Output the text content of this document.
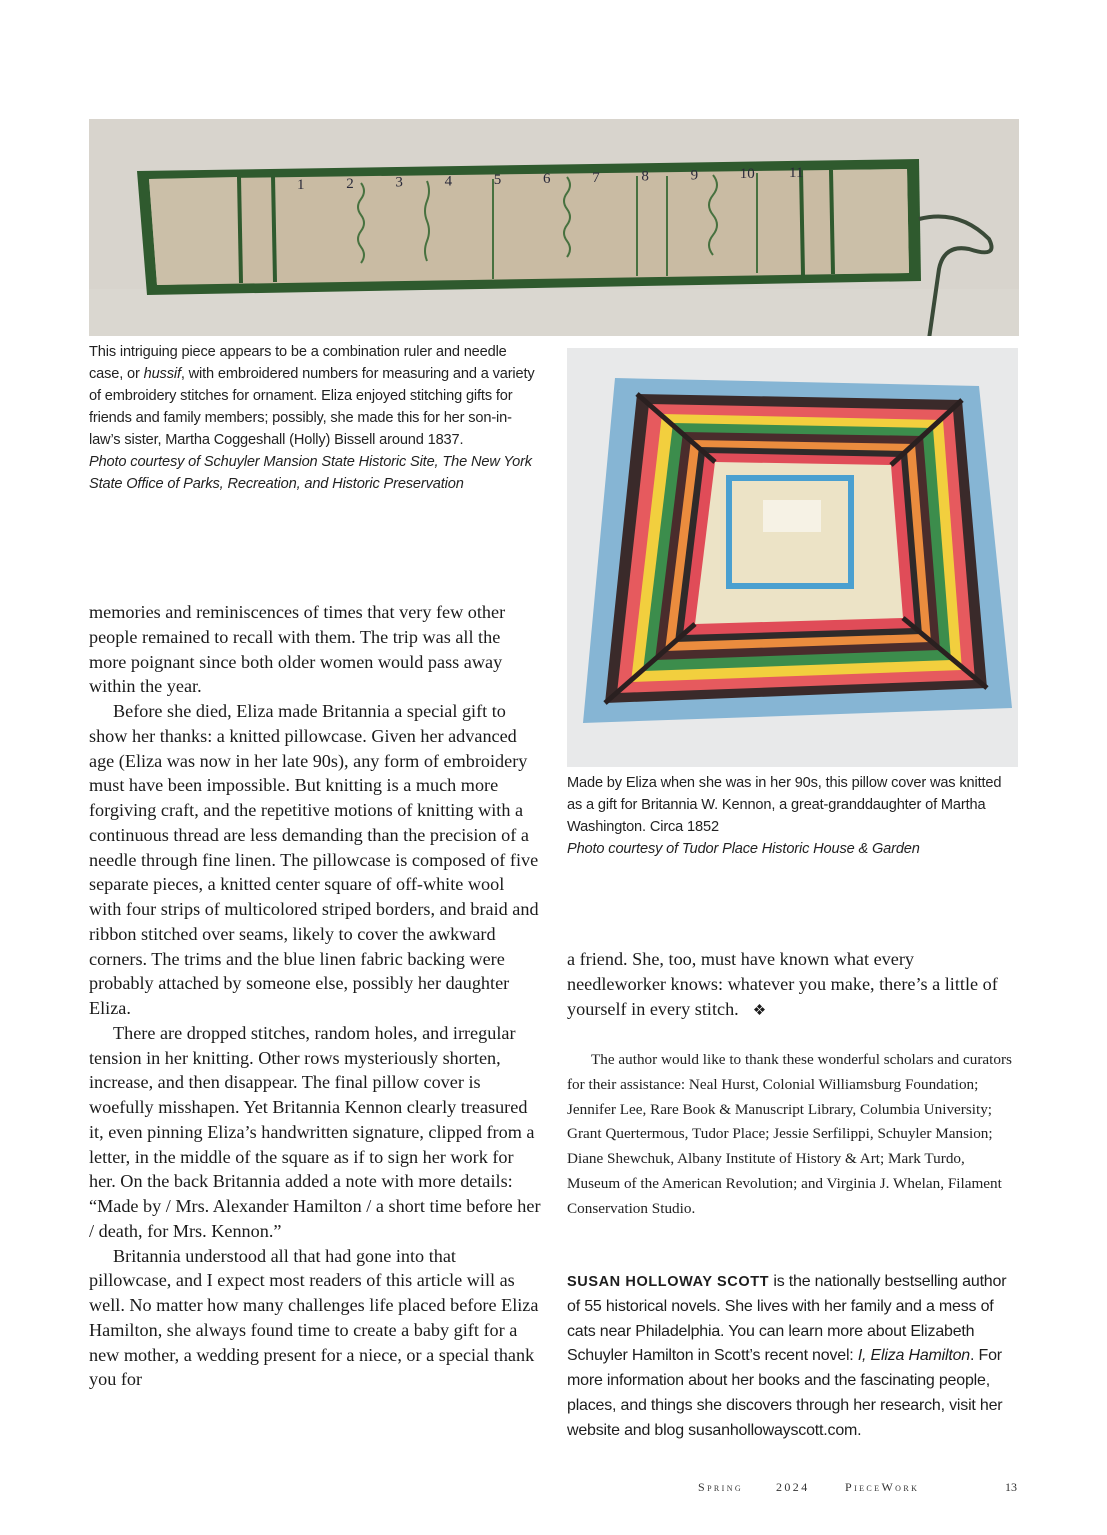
1	2	3	4	5	6	7	8	9	10 11

This intriguing piece appears to be a combination ruler and needle case, or hussif, with embroidered numbers for measuring and a variety of embroidery stitches for ornament. Eliza enjoyed stitching gifts for friends and family members; possibly, she made this for her son-in-law’s sister, Martha Coggeshall (Holly) Bissell around 1837.

Photo courtesy of Schuyler Mansion State Historic Site, The New York State Office of Parks, Recreation, and Historic Preservation

Made by Eliza when she was in her 90s, this pillow cover was knitted as a gift for Britannia W. Kennon, a great-granddaughter of Martha Washington. Circa 1852

Photo courtesy of Tudor Place Historic House & Garden

memories and reminiscences of times that very few other people remained to recall with them. The trip was all the more poignant since both older women would pass away within the year.

Before she died, Eliza made Britannia a special gift to show her thanks: a knitted pillowcase. Given her advanced age (Eliza was now in her late 90s), any form of embroidery must have been impossible. But knitting is a much more forgiving craft, and the repetitive motions of knitting with a continuous thread are less demanding than the precision of a needle through fine linen. The pillowcase is composed of five separate pieces, a knitted center square of off-white wool with four strips of multicolored striped borders, and braid and ribbon stitched over seams, likely to cover the awkward corners. The trims and the blue linen fabric backing were probably attached by someone else, possibly her daughter Eliza.

There are dropped stitches, random holes, and irregular tension in her knitting. Other rows mysteriously shorten, increase, and then disappear. The final pillow cover is woefully misshapen. Yet Britannia Kennon clearly treasured it, even pinning Eliza’s handwritten signature, clipped from a letter, in the middle of the square as if to sign her work for her. On the back Britannia added a note with more details: “Made by / Mrs. Alexander Hamilton / a short time before her / death, for Mrs. Kennon.”

Britannia understood all that had gone into that pillowcase, and I expect most readers of this article will as well. No matter how many challenges life placed before Eliza Hamilton, she always found time to create a baby gift for a new mother, a wedding present for a niece, or a special thank you for

a friend. She, too, must have known what every needleworker knows: whatever you make, there’s a little of yourself in every stitch. ❖

The author would like to thank these wonderful scholars and curators for their assistance: Neal Hurst, Colonial Williamsburg Foundation; Jennifer Lee, Rare Book & Manuscript Library, Columbia University; Grant Quertermous, Tudor Place; Jessie Serfilippi, Schuyler Mansion; Diane Shewchuk, Albany Institute of History & Art; Mark Turdo, Museum of the American Revolution; and Virginia J. Whelan, Filament Conservation Studio.

SUSAN HOLLOWAY SCOTT is the nationally bestselling author of 55 historical novels. She lives with her family and a mess of cats near Philadelphia. You can learn more about Elizabeth Schuyler Hamilton in Scott’s recent novel: I, Eliza Hamilton. For more information about her books and the fascinating people, places, and things she discovers through her research, visit her website and blog susanhollowayscott.com.

Spring	2024	PieceWork	13
